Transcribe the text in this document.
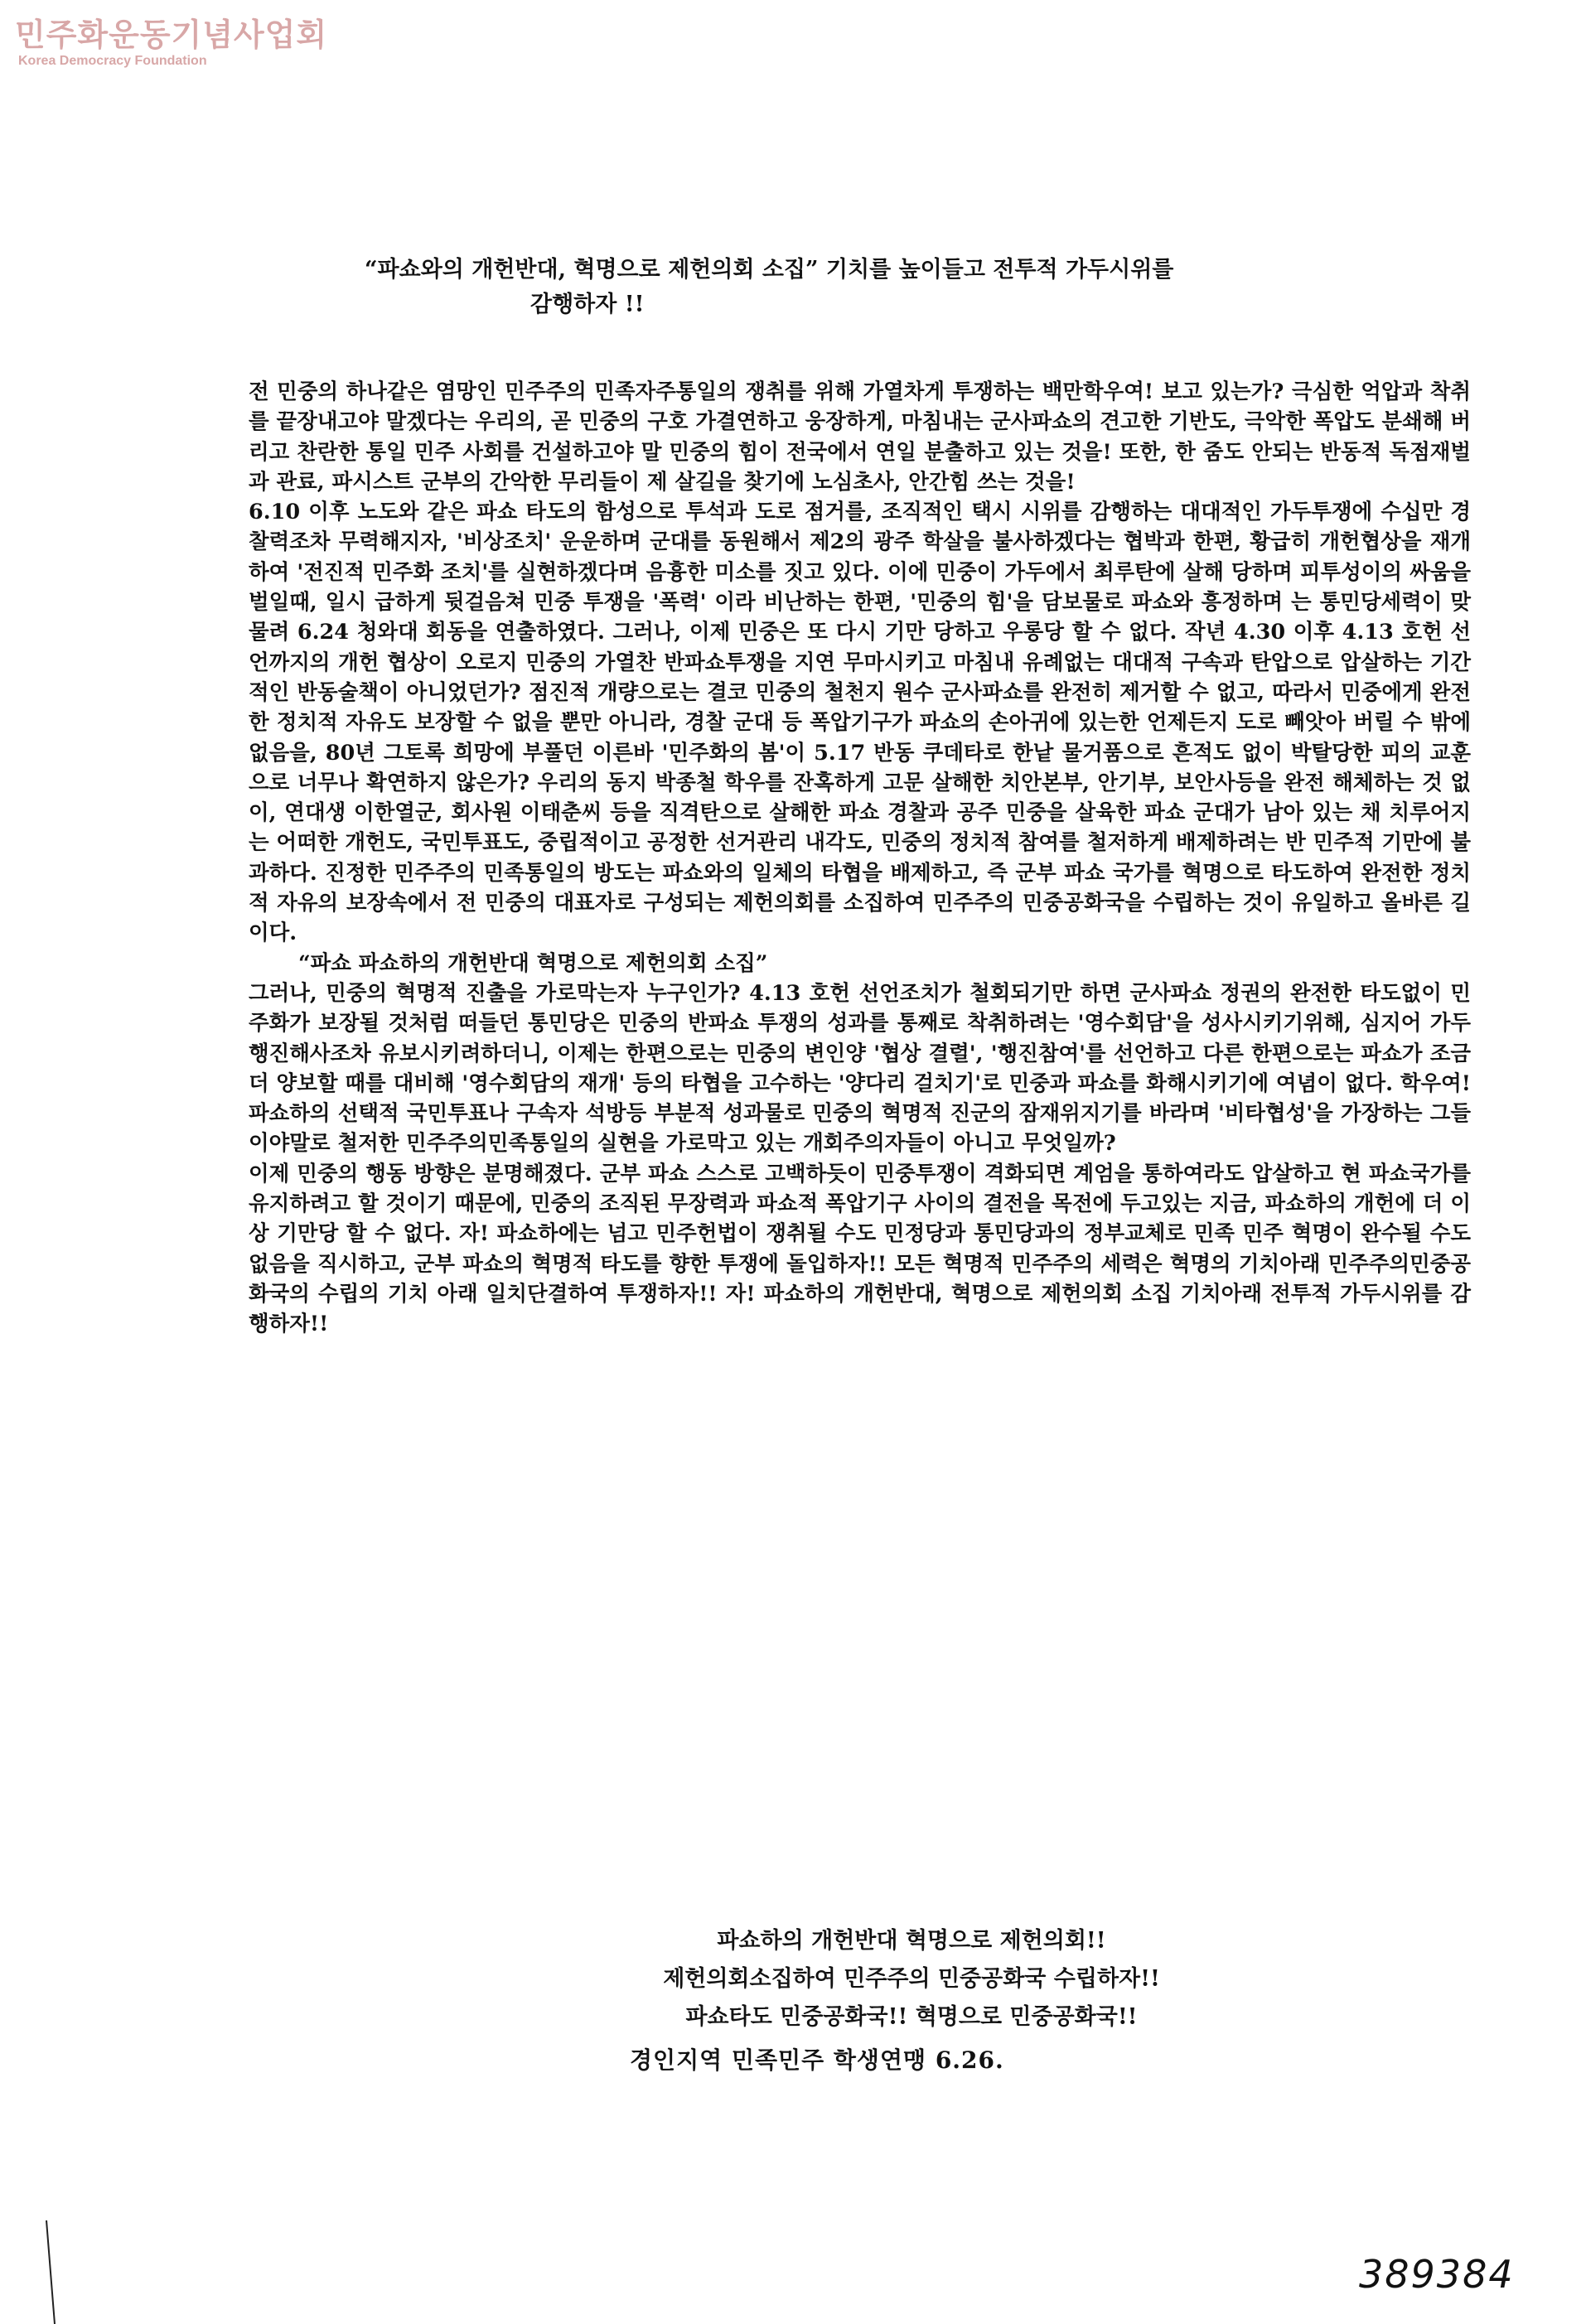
민주화운동기념사업회
Korea Democracy Foundation
“파쇼와의 개헌반대, 혁명으로 제헌의회 소집” 기치를 높이들고 전투적 가두시위를
감행하자 !!

전 민중의 하나같은 염망인 민주주의 민족자주통일의 쟁취를 위해 가열차게 투쟁하는 백만학우여! 보고 있는가? 극심한 억압과 착취를 끝장내고야 말겠다는 우리의, 곧 민중의 구호 가결연하고 웅장하게, 마침내는 군사파쇼의 견고한 기반도, 극악한 폭압도 분쇄해 버리고 찬란한 통일 민주 사회를 건설하고야 말 민중의 힘이 전국에서 연일 분출하고 있는 것을! 또한, 한 줌도 안되는 반동적 독점재벌과 관료, 파시스트 군부의 간악한 무리들이 제 살길을 찾기에 노심초사, 안간힘 쓰는 것을!

6.10 이후 노도와 같은 파쇼 타도의 함성으로 투석과 도로 점거를, 조직적인 택시 시위를 감행하는 대대적인 가두투쟁에 수십만 경찰력조차 무력해지자, '비상조치' 운운하며 군대를 동원해서 제2의 광주 학살을 불사하겠다는 협박과 한편, 황급히 개헌협상을 재개하여 '전진적 민주화 조치'를 실현하겠다며 음흉한 미소를 짓고 있다. 이에 민중이 가두에서 최루탄에 살해 당하며 피투성이의 싸움을 벌일때, 일시 급하게 뒷걸음쳐 민중 투쟁을 '폭력' 이라 비난하는 한편, '민중의 힘'을 담보물로 파쇼와 흥정하며 는 통민당세력이 맞물려 6.24 청와대 회동을 연출하였다. 그러나, 이제 민중은 또 다시 기만 당하고 우롱당 할 수 없다. 작년 4.30 이후 4.13 호헌 선언까지의 개헌 협상이 오로지 민중의 가열찬 반파쇼투쟁을 지연 무마시키고 마침내 유례없는 대대적 구속과 탄압으로 압살하는 기간적인 반동술책이 아니었던가? 점진적 개량으로는 결코 민중의 철천지 원수 군사파쇼를 완전히 제거할 수 없고, 따라서 민중에게 완전한 정치적 자유도 보장할 수 없을 뿐만 아니라, 경찰 군대 등 폭압기구가 파쇼의 손아귀에 있는한 언제든지 도로 빼앗아 버릴 수 밖에 없음을, 80년 그토록 희망에 부풀던 이른바 '민주화의 봄'이 5.17 반동 쿠데타로 한낱 물거품으로 흔적도 없이 박탈당한 피의 교훈으로 너무나 확연하지 않은가? 우리의 동지 박종철 학우를 잔혹하게 고문 살해한 치안본부, 안기부, 보안사등을 완전 해체하는 것 없이, 연대생 이한열군, 회사원 이태춘씨 등을 직격탄으로 살해한 파쇼 경찰과 공주 민중을 살육한 파쇼 군대가 남아 있는 채 치루어지는 어떠한 개헌도, 국민투표도, 중립적이고 공정한 선거관리 내각도, 민중의 정치적 참여를 철저하게 배제하려는 반 민주적 기만에 불과하다. 진정한 민주주의 민족통일의 방도는 파쇼와의 일체의 타협을 배제하고, 즉 군부 파쇼 국가를 혁명으로 타도하여 완전한 정치적 자유의 보장속에서 전 민중의 대표자로 구성되는 제헌의회를 소집하여 민주주의 민중공화국을 수립하는 것이 유일하고 올바른 길이다.

“파쇼 파쇼하의 개헌반대 혁명으로 제헌의회 소집”

그러나, 민중의 혁명적 진출을 가로막는자 누구인가? 4.13 호헌 선언조치가 철회되기만 하면 군사파쇼 정권의 완전한 타도없이 민주화가 보장될 것처럼 떠들던 통민당은 민중의 반파쇼 투쟁의 성과를 통째로 착취하려는 '영수회담'을 성사시키기위해, 심지어 가두 행진해사조차 유보시키려하더니, 이제는 한편으로는 민중의 변인양 '협상 결렬', '행진참여'를 선언하고 다른 한편으로는 파쇼가 조금더 양보할 때를 대비해 '영수회담의 재개' 등의 타협을 고수하는 '양다리 걸치기'로 민중과 파쇼를 화해시키기에 여념이 없다. 학우여! 파쇼하의 선택적 국민투표나 구속자 석방등 부분적 성과물로 민중의 혁명적 진군의 잠재위지기를 바라며 '비타협성'을 가장하는 그들이야말로 철저한 민주주의민족통일의 실현을 가로막고 있는 개회주의자들이 아니고 무엇일까?

이제 민중의 행동 방향은 분명해졌다. 군부 파쇼 스스로 고백하듯이 민중투쟁이 격화되면 계엄을 통하여라도 압살하고 현 파쇼국가를 유지하려고 할 것이기 때문에, 민중의 조직된 무장력과 파쇼적 폭압기구 사이의 결전을 목전에 두고있는 지금, 파쇼하의 개헌에 더 이상 기만당 할 수 없다. 자! 파쇼하에는 넘고 민주헌법이 쟁취될 수도 민정당과 통민당과의 정부교체로 민족 민주 혁명이 완수될 수도 없음을 직시하고, 군부 파쇼의 혁명적 타도를 향한 투쟁에 돌입하자!! 모든 혁명적 민주주의 세력은 혁명의 기치아래 민주주의민중공화국의 수립의 기치 아래 일치단결하여 투쟁하자!! 자! 파쇼하의 개헌반대, 혁명으로 제헌의회 소집 기치아래 전투적 가두시위를 감행하자!!

파쇼하의 개헌반대 혁명으로 제헌의회!!
제헌의회소집하여 민주주의 민중공화국 수립하자!!
파쇼타도 민중공화국!! 혁명으로 민중공화국!!
경인지역 민족민주 학생연맹 6.26.
389384
